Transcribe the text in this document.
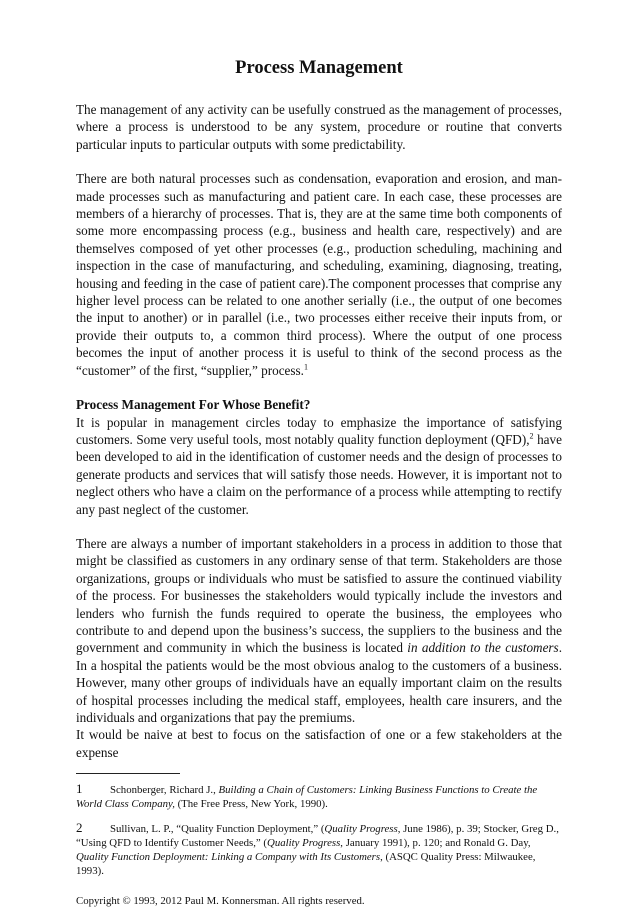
Process Management

The management of any activity can be usefully construed as the management of processes, where a process is understood to be any system, procedure or routine that converts particular inputs to particular outputs with some predictability.

There are both natural processes such as condensation, evaporation and erosion, and man-made processes such as manufacturing and patient care. In each case, these processes are members of a hierarchy of processes. That is, they are at the same time both components of some more encompassing process (e.g., business and health care, respectively) and are themselves composed of yet other processes (e.g., production scheduling, machining and inspection in the case of manufacturing, and scheduling, examining, diagnosing, treating, housing and feeding in the case of patient care).The component processes that comprise any higher level process can be related to one another serially (i.e., the output of one becomes the input to another) or in parallel (i.e., two processes either receive their inputs from, or provide their outputs to, a common third process). Where the output of one process becomes the input of another process it is useful to think of the second process as the “customer” of the first, “supplier,” process.$^1$

Process Management For Whose Benefit?

It is popular in management circles today to emphasize the importance of satisfying customers. Some very useful tools, most notably quality function deployment (QFD),$^2$ have been developed to aid in the identification of customer needs and the design of processes to generate products and services that will satisfy those needs. However, it is important not to neglect others who have a claim on the performance of a process while attempting to rectify any past neglect of the customer.

There are always a number of important stakeholders in a process in addition to those that might be classified as customers in any ordinary sense of that term. Stakeholders are those organizations, groups or individuals who must be satisfied to assure the continued viability of the process. For businesses the stakeholders would typically include the investors and lenders who furnish the funds required to operate the business, the employees who contribute to and depend upon the business’s success, the suppliers to the business and the government and community in which the business is located in addition to the customers. In a hospital the patients would be the most obvious analog to the customers of a business. However, many other groups of individuals have an equally important claim on the results of hospital processes including the medical staff, employees, health care insurers, and the individuals and organizations that pay the premiums.

It would be naive at best to focus on the satisfaction of one or a few stakeholders at the expense

1	Schonberger, Richard J., Building a Chain of Customers: Linking Business Functions to Create the World Class Company, (The Free Press, New York, 1990).

2	Sullivan, L. P., “Quality Function Deployment,” (Quality Progress, June 1986), p. 39; Stocker, Greg D., “Using QFD to Identify Customer Needs,” (Quality Progress, January 1991), p. 120; and Ronald G. Day, Quality Function Deployment: Linking a Company with Its Customers, (ASQC Quality Press: Milwaukee, 1993).

Copyright © 1993, 2012 Paul M. Konnersman. All rights reserved.
